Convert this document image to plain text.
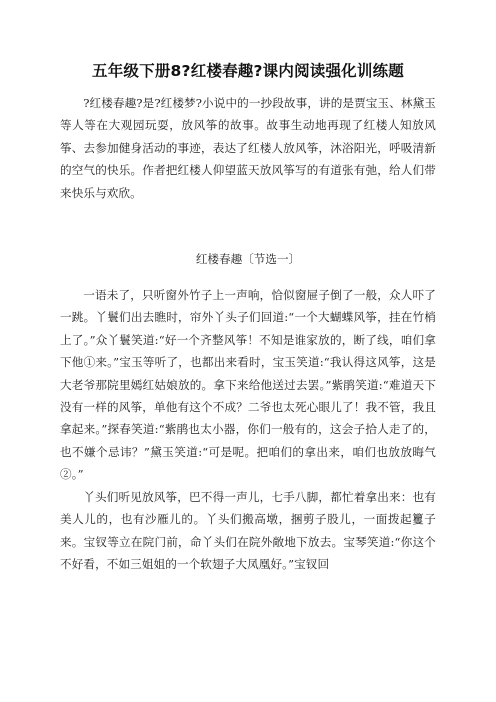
五年级下册8?红楼春趣?课内阅读强化训练题

?红楼春趣?是?红楼梦?小说中的一抄段故事，讲的是贾宝玉、林黛玉等人等在大观园玩耍，放风筝的故事。故事生动地再现了红楼人知放风筝、去参加健身活动的事迹，表达了红楼人放风筝，沐浴阳光，呼吸清新的空气的快乐。作者把红楼人仰望蓝天放风筝写的有道张有弛，给人们带来快乐与欢欣。

红楼春趣〔节选一〕

一语未了，只听窗外竹子上一声响，恰似窗屉子倒了一般，众人吓了一跳。丫鬟们出去瞧时，帘外丫头子们回道:“一个大蝴蝶风筝，挂在竹梢上了。”众丫鬟笑道:“好一个齐整风筝！不知是谁家放的，断了线，咱们拿下他①来。”宝玉等听了，也都出来看时，宝玉笑道:“我认得这风筝，这是大老爷那院里嫣红姑娘放的。拿下来给他送过去罢。”紫鹃笑道:“难道天下没有一样的风筝，单他有这个不成？二爷也太死心眼儿了！我不管，我且拿起来。”探春笑道:“紫鹃也太小器，你们一般有的，这会子拾人走了的，也不嫌个忌讳？”黛玉笑道:“可是呢。把咱们的拿出来，咱们也放放晦气②。”

丫头们听见放风筝，巴不得一声儿，七手八脚，都忙着拿出来：也有美人儿的，也有沙雁儿的。丫头们搬高墩，捆剪子股儿，一面拨起籰子来。宝钗等立在院门前，命丫头们在院外敞地下放去。宝琴笑道:“你这个不好看，不如三姐姐的一个软翅子大凤凰好。”宝钗回
